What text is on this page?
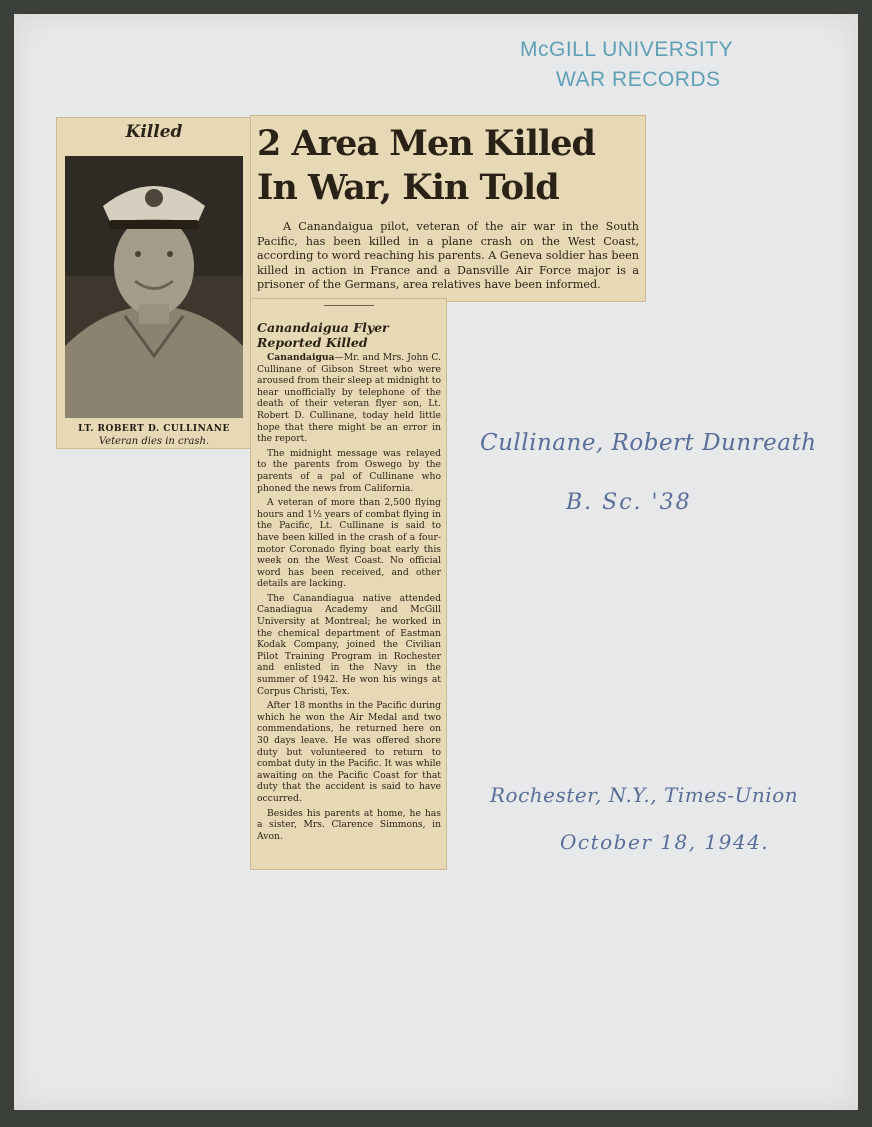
McGILL UNIVERSITY
WAR RECORDS
Killed
LT. ROBERT D. CULLINANE
Veteran dies in crash.
2 Area Men Killed
In War, Kin Told
A Canandaigua pilot, veteran of the air war in the South Pacific, has been killed in a plane crash on the West Coast, according to word reaching his parents. A Geneva soldier has been killed in action in France and a Dansville Air Force major is a prisoner of the Germans, area relatives have been informed.
Canandaigua Flyer
Reported Killed

Canandaigua—Mr. and Mrs. John C. Cullinane of Gibson Street who were aroused from their sleep at midnight to hear unofficially by telephone of the death of their veteran flyer son, Lt. Robert D. Cullinane, today held little hope that there might be an error in the report.

The midnight message was relayed to the parents from Oswego by the parents of a pal of Cullinane who phoned the news from California.

A veteran of more than 2,500 flying hours and 1½ years of combat flying in the Pacific, Lt. Cullinane is said to have been killed in the crash of a four-motor Coronado flying boat early this week on the West Coast. No official word has been received, and other details are lacking.

The Canandiagua native attended Canadiagua Academy and McGill University at Montreal; he worked in the chemical department of Eastman Kodak Company, joined the Civilian Pilot Training Program in Rochester and enlisted in the Navy in the summer of 1942. He won his wings at Corpus Christi, Tex.

After 18 months in the Pacific during which he won the Air Medal and two commendations, he returned here on 30 days leave. He was offered shore duty but volunteered to return to combat duty in the Pacific. It was while awaiting on the Pacific Coast for that duty that the accident is said to have occurred.

Besides his parents at home, he has a sister, Mrs. Clarence Simmons, in Avon.

Cullinane, Robert Dunreath
B. Sc. '38
Rochester, N.Y., Times-Union
October 18, 1944.
